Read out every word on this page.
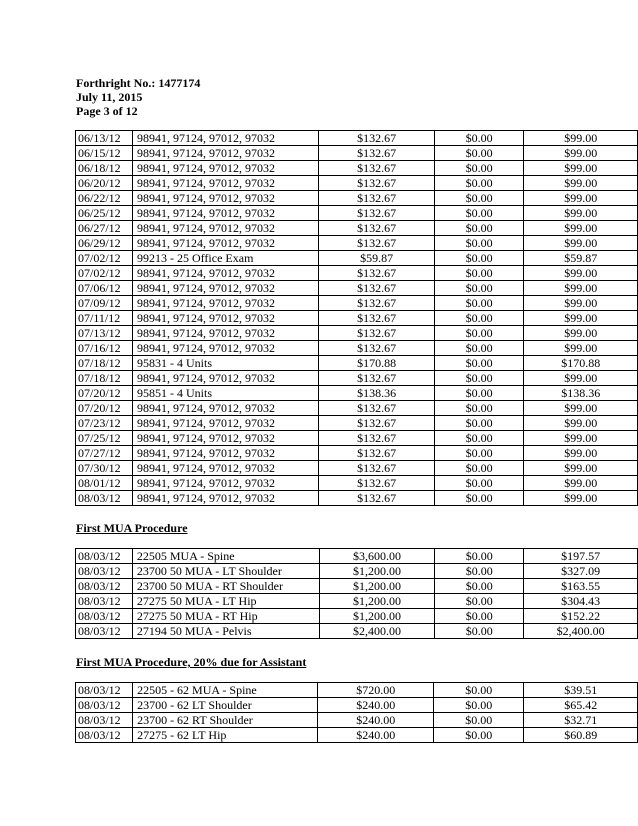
Forthright No.: 1477174
July 11, 2015
Page 3 of 12
06/13/12	98941, 97124, 97012, 97032	$132.67	$0.00	$99.00
06/15/12	98941, 97124, 97012, 97032	$132.67	$0.00	$99.00
06/18/12	98941, 97124, 97012, 97032	$132.67	$0.00	$99.00
06/20/12	98941, 97124, 97012, 97032	$132.67	$0.00	$99.00
06/22/12	98941, 97124, 97012, 97032	$132.67	$0.00	$99.00
06/25/12	98941, 97124, 97012, 97032	$132.67	$0.00	$99.00
06/27/12	98941, 97124, 97012, 97032	$132.67	$0.00	$99.00
06/29/12	98941, 97124, 97012, 97032	$132.67	$0.00	$99.00
07/02/12	99213 - 25 Office Exam	$59.87	$0.00	$59.87
07/02/12	98941, 97124, 97012, 97032	$132.67	$0.00	$99.00
07/06/12	98941, 97124, 97012, 97032	$132.67	$0.00	$99.00
07/09/12	98941, 97124, 97012, 97032	$132.67	$0.00	$99.00
07/11/12	98941, 97124, 97012, 97032	$132.67	$0.00	$99.00
07/13/12	98941, 97124, 97012, 97032	$132.67	$0.00	$99.00
07/16/12	98941, 97124, 97012, 97032	$132.67	$0.00	$99.00
07/18/12	95831 - 4 Units	$170.88	$0.00	$170.88
07/18/12	98941, 97124, 97012, 97032	$132.67	$0.00	$99.00
07/20/12	95851 - 4 Units	$138.36	$0.00	$138.36
07/20/12	98941, 97124, 97012, 97032	$132.67	$0.00	$99.00
07/23/12	98941, 97124, 97012, 97032	$132.67	$0.00	$99.00
07/25/12	98941, 97124, 97012, 97032	$132.67	$0.00	$99.00
07/27/12	98941, 97124, 97012, 97032	$132.67	$0.00	$99.00
07/30/12	98941, 97124, 97012, 97032	$132.67	$0.00	$99.00
08/01/12	98941, 97124, 97012, 97032	$132.67	$0.00	$99.00
08/03/12	98941, 97124, 97012, 97032	$132.67	$0.00	$99.00
First MUA Procedure
08/03/12	22505 MUA - Spine	$3,600.00	$0.00	$197.57
08/03/12	23700 50 MUA - LT Shoulder	$1,200.00	$0.00	$327.09
08/03/12	23700 50 MUA - RT Shoulder	$1,200.00	$0.00	$163.55
08/03/12	27275 50 MUA - LT Hip	$1,200.00	$0.00	$304.43
08/03/12	27275 50 MUA - RT Hip	$1,200.00	$0.00	$152.22
08/03/12	27194 50 MUA - Pelvis	$2,400.00	$0.00	$2,400.00
First MUA Procedure, 20% due for Assistant
08/03/12	22505 - 62 MUA - Spine	$720.00	$0.00	$39.51
08/03/12	23700 - 62 LT Shoulder	$240.00	$0.00	$65.42
08/03/12	23700 - 62 RT Shoulder	$240.00	$0.00	$32.71
08/03/12	27275 - 62 LT Hip	$240.00	$0.00	$60.89
